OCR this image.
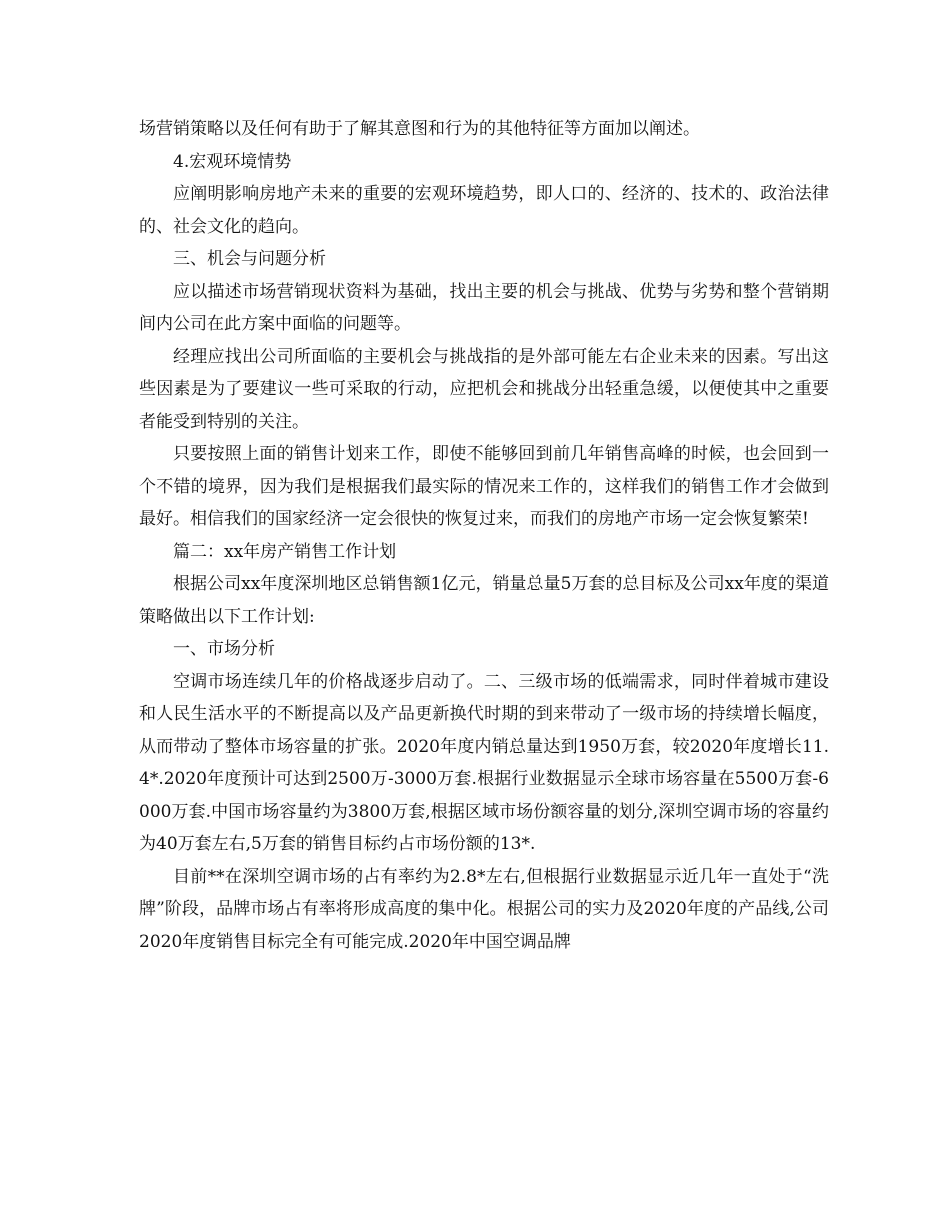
场营销策略以及任何有助于了解其意图和行为的其他特征等方面加以阐述。

4.宏观环境情势

应阐明影响房地产未来的重要的宏观环境趋势，即人口的、经济的、技术的、政治法律的、社会文化的趋向。

三、机会与问题分析

应以描述市场营销现状资料为基础，找出主要的机会与挑战、优势与劣势和整个营销期间内公司在此方案中面临的问题等。

经理应找出公司所面临的主要机会与挑战指的是外部可能左右企业未来的因素。写出这些因素是为了要建议一些可采取的行动，应把机会和挑战分出轻重急缓，以便使其中之重要者能受到特别的关注。

只要按照上面的销售计划来工作，即使不能够回到前几年销售高峰的时候，也会回到一个不错的境界，因为我们是根据我们最实际的情况来工作的，这样我们的销售工作才会做到最好。相信我们的国家经济一定会很快的恢复过来，而我们的房地产市场一定会恢复繁荣!

篇二：xx年房产销售工作计划

根据公司xx年度深圳地区总销售额1亿元，销量总量5万套的总目标及公司xx年度的渠道策略做出以下工作计划:

一、市场分析

空调市场连续几年的价格战逐步启动了。二、三级市场的低端需求，同时伴着城市建设和人民生活水平的不断提高以及产品更新换代时期的到来带动了一级市场的持续增长幅度，从而带动了整体市场容量的扩张。2020年度内销总量达到1950万套，较2020年度增长11.4*.2020年度预计可达到2500万-3000万套.根据行业数据显示全球市场容量在5500万套-6000万套.中国市场容量约为3800万套,根据区域市场份额容量的划分,深圳空调市场的容量约为40万套左右,5万套的销售目标约占市场份额的13*.

目前**在深圳空调市场的占有率约为2.8*左右,但根据行业数据显示近几年一直处于“洗牌”阶段，品牌市场占有率将形成高度的集中化。根据公司的实力及2020年度的产品线,公司2020年度销售目标完全有可能完成.2020年中国空调品牌
